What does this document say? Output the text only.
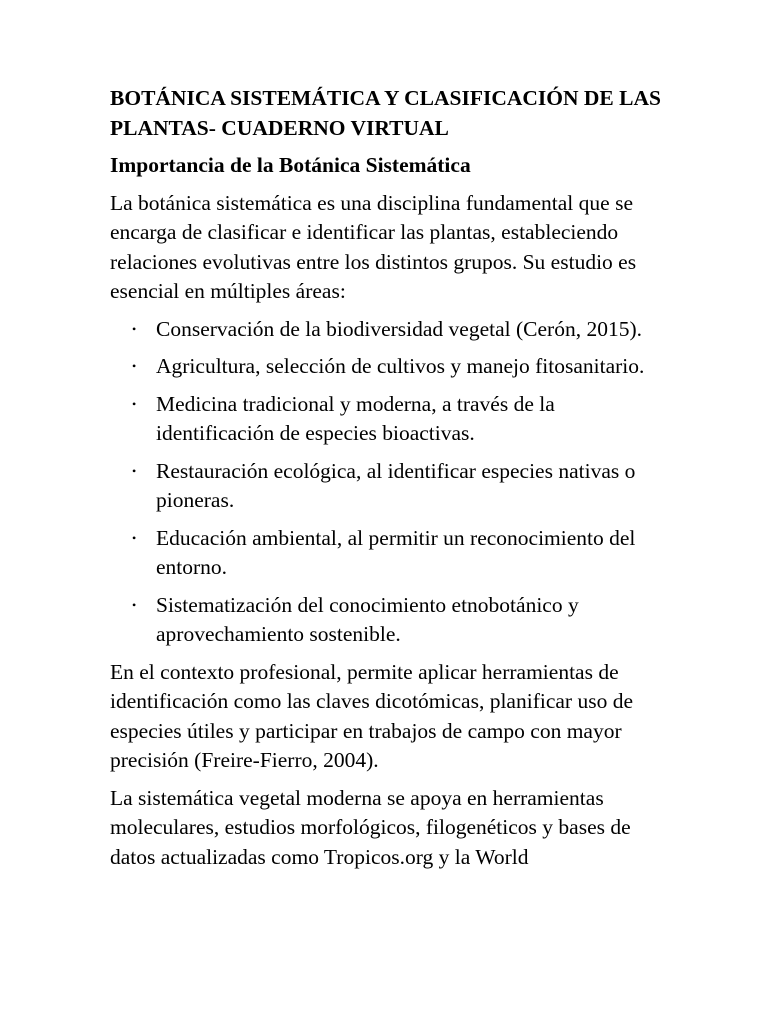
BOTÁNICA SISTEMÁTICA Y CLASIFICACIÓN DE LAS PLANTAS- CUADERNO VIRTUAL
Importancia de la Botánica Sistemática

La botánica sistemática es una disciplina fundamental que se encarga de clasificar e identificar las plantas, estableciendo relaciones evolutivas entre los distintos grupos. Su estudio es esencial en múltiples áreas:

• Conservación de la biodiversidad vegetal (Cerón, 2015).
• Agricultura, selección de cultivos y manejo fitosanitario.
• Medicina tradicional y moderna, a través de la identificación de especies bioactivas.
• Restauración ecológica, al identificar especies nativas o pioneras.
• Educación ambiental, al permitir un reconocimiento del entorno.
• Sistematización del conocimiento etnobotánico y aprovechamiento sostenible.

En el contexto profesional, permite aplicar herramientas de identificación como las claves dicotómicas, planificar uso de especies útiles y participar en trabajos de campo con mayor precisión (Freire-Fierro, 2004).

La sistemática vegetal moderna se apoya en herramientas moleculares, estudios morfológicos, filogenéticos y bases de datos actualizadas como Tropicos.org y la World
